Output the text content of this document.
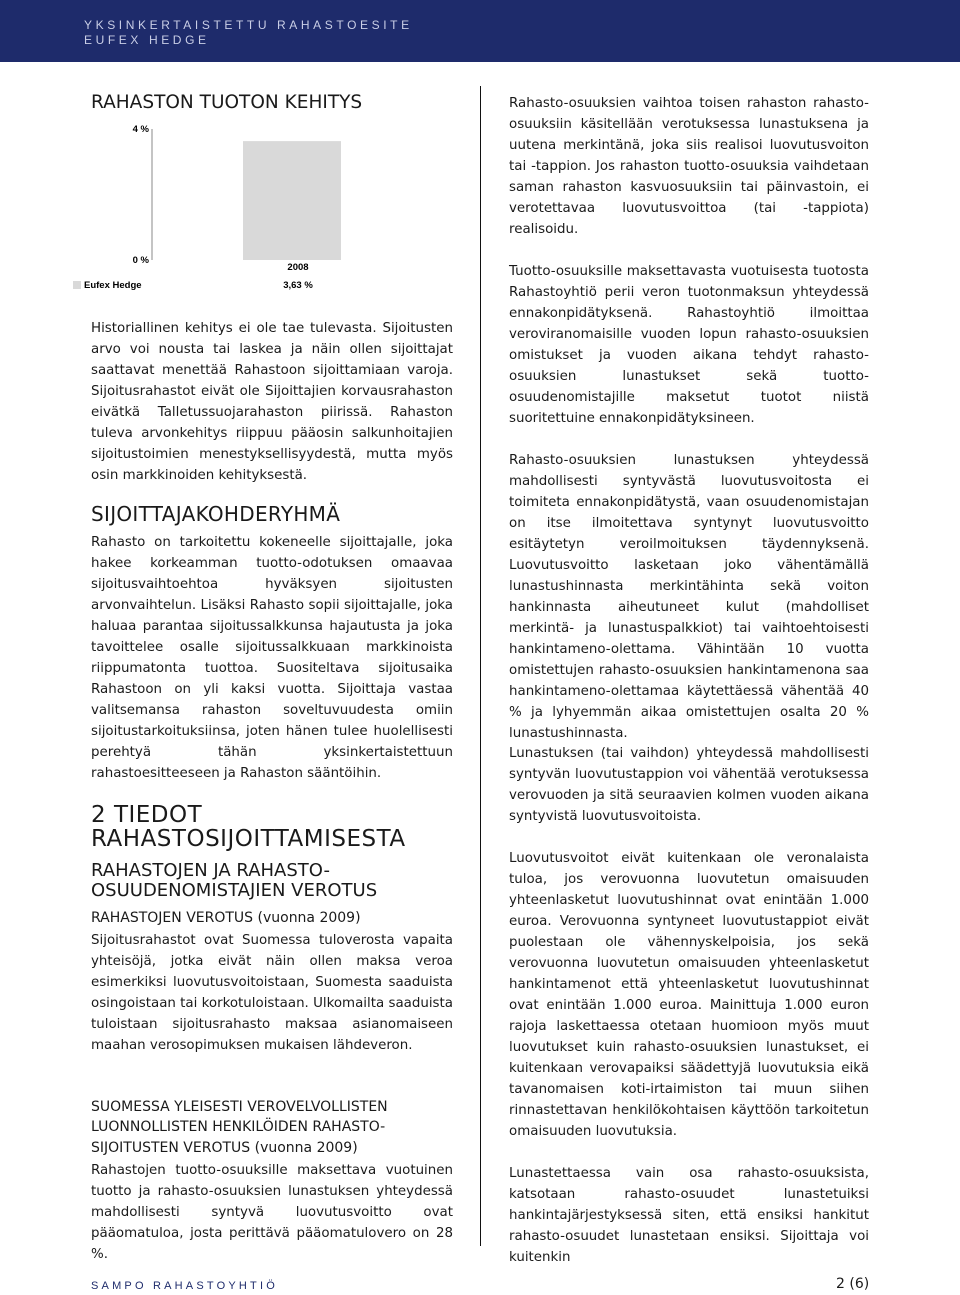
YKSINKERTAISTETTU RAHASTOESITE

EUFEX HEDGE

RAHASTON TUOTON KEHITYS

Historiallinen kehitys ei ole tae tulevasta. Sijoitusten arvo voi nousta tai laskea ja näin ollen sijoittajat saattavat menettää Rahastoon sijoittamiaan varoja. Sijoitusrahastot eivät ole Sijoittajien korvausrahaston eivätkä Talletussuojarahaston piirissä. Rahaston tuleva arvonkehitys riippuu pääosin salkunhoitajien sijoitustoimien menestyksellisyydestä, mutta myös osin markkinoiden kehityksestä.

SIJOITTAJAKOHDERYHMÄ

Rahasto on tarkoitettu kokeneelle sijoittajalle, joka hakee korkeamman tuotto-odotuksen omaavaa sijoitusvaihtoehtoa hyväksyen sijoitusten arvonvaihtelun. Lisäksi Rahasto sopii sijoittajalle, joka haluaa parantaa sijoitussalkkunsa hajautusta ja joka tavoittelee osalle sijoitussalkkuaan markkinoista riippumatonta tuottoa. Suositeltava sijoitusaika Rahastoon on yli kaksi vuotta. Sijoittaja vastaa valitsemansa rahaston soveltuvuudesta omiin sijoitustarkoituksiinsa, joten hänen tulee huolellisesti perehtyä tähän yksinkertaistettuun rahastoesitteeseen ja Rahaston sääntöihin.

2 TIEDOT
RAHASTOSIJOITTAMISESTA
RAHASTOJEN JA RAHASTO-
OSUUDENOMISTAJIEN VEROTUS
RAHASTOJEN VEROTUS (vuonna 2009)

Sijoitusrahastot ovat Suomessa tuloverosta vapaita yhteisöjä, jotka eivät näin ollen maksa veroa esimerkiksi luovutusvoitoistaan, Suomesta saaduista osingoistaan tai korkotuloistaan. Ulkomailta saaduista tuloistaan sijoitusrahasto maksaa asianomaiseen maahan verosopimuksen mukaisen lähdeveron.

SUOMESSA YLEISESTI VEROVELVOLLISTEN
LUONNOLLISTEN HENKILÖIDEN RAHASTO-
SIJOITUSTEN VEROTUS (vuonna 2009)

Rahastojen tuotto-osuuksille maksettava vuotuinen tuotto ja rahasto-osuuksien lunastuksen yhteydessä mahdollisesti syntyvä luovutusvoitto ovat pääomatuloa, josta perittävä pääomatulovero on 28 %.

4 %
0 %
2008
Eufex Hedge	3,63 %

Rahasto-osuuksien vaihtoa toisen rahaston rahasto-osuuksiin käsitellään verotuksessa lunastuksena ja uutena merkintänä, joka siis realisoi luovutusvoiton tai -tappion. Jos rahaston tuotto-osuuksia vaihdetaan saman rahaston kasvuosuuksiin tai päinvastoin, ei verotettavaa luovutusvoittoa (tai -tappiota) realisoidu.

Tuotto-osuuksille maksettavasta vuotuisesta tuotosta Rahastoyhtiö perii veron tuotonmaksun yhteydessä ennakonpidätyksenä. Rahastoyhtiö ilmoittaa veroviranomaisille vuoden lopun rahasto-osuuksien omistukset ja vuoden aikana tehdyt rahasto-osuuksien lunastukset sekä tuotto-osuudenomistajille maksetut tuotot niistä suoritettuine ennakonpidätyksineen.

Rahasto-osuuksien lunastuksen yhteydessä mahdollisesti syntyvästä luovutusvoitosta ei toimiteta ennakonpidätystä, vaan osuudenomistajan on itse ilmoitettava syntynyt luovutusvoitto esitäytetyn veroilmoituksen täydennyksenä. Luovutusvoitto lasketaan joko vähentämällä lunastushinnasta merkintähinta sekä voiton hankinnasta aiheutuneet kulut (mahdolliset merkintä- ja lunastuspalkkiot) tai vaihtoehtoisesti hankintameno-olettama. Vähintään 10 vuotta omistettujen rahasto-osuuksien hankintamenona saa hankintameno-olettamaa käytettäessä vähentää 40 % ja lyhyemmän aikaa omistettujen osalta 20 % lunastushinnasta.

Lunastuksen (tai vaihdon) yhteydessä mahdollisesti syntyvän luovutustappion voi vähentää verotuksessa verovuoden ja sitä seuraavien kolmen vuoden aikana syntyvistä luovutusvoitoista.

Luovutusvoitot eivät kuitenkaan ole veronalaista tuloa, jos verovuonna luovutetun omaisuuden yhteenlasketut luovutushinnat ovat enintään 1.000 euroa. Verovuonna syntyneet luovutustappiot eivät puolestaan ole vähennyskelpoisia, jos sekä verovuonna luovutetun omaisuuden yhteenlasketut hankintamenot että yhteenlasketut luovutushinnat ovat enintään 1.000 euroa. Mainittuja 1.000 euron rajoja laskettaessa otetaan huomioon myös muut luovutukset kuin rahasto-osuuksien lunastukset, ei kuitenkaan verovapaiksi säädettyjä luovutuksia eikä tavanomaisen koti-irtaimiston tai muun siihen rinnastettavan henkilökohtaisen käyttöön tarkoitetun omaisuuden luovutuksia.

Lunastettaessa vain osa rahasto-osuuksista, katsotaan rahasto-osuudet lunastetuiksi hankintajärjestyksessä siten, että ensiksi hankitut rahasto-osuudet lunastetaan ensiksi. Sijoittaja voi kuitenkin

SAMPO RAHASTOYHTIÖ	2 (6)
